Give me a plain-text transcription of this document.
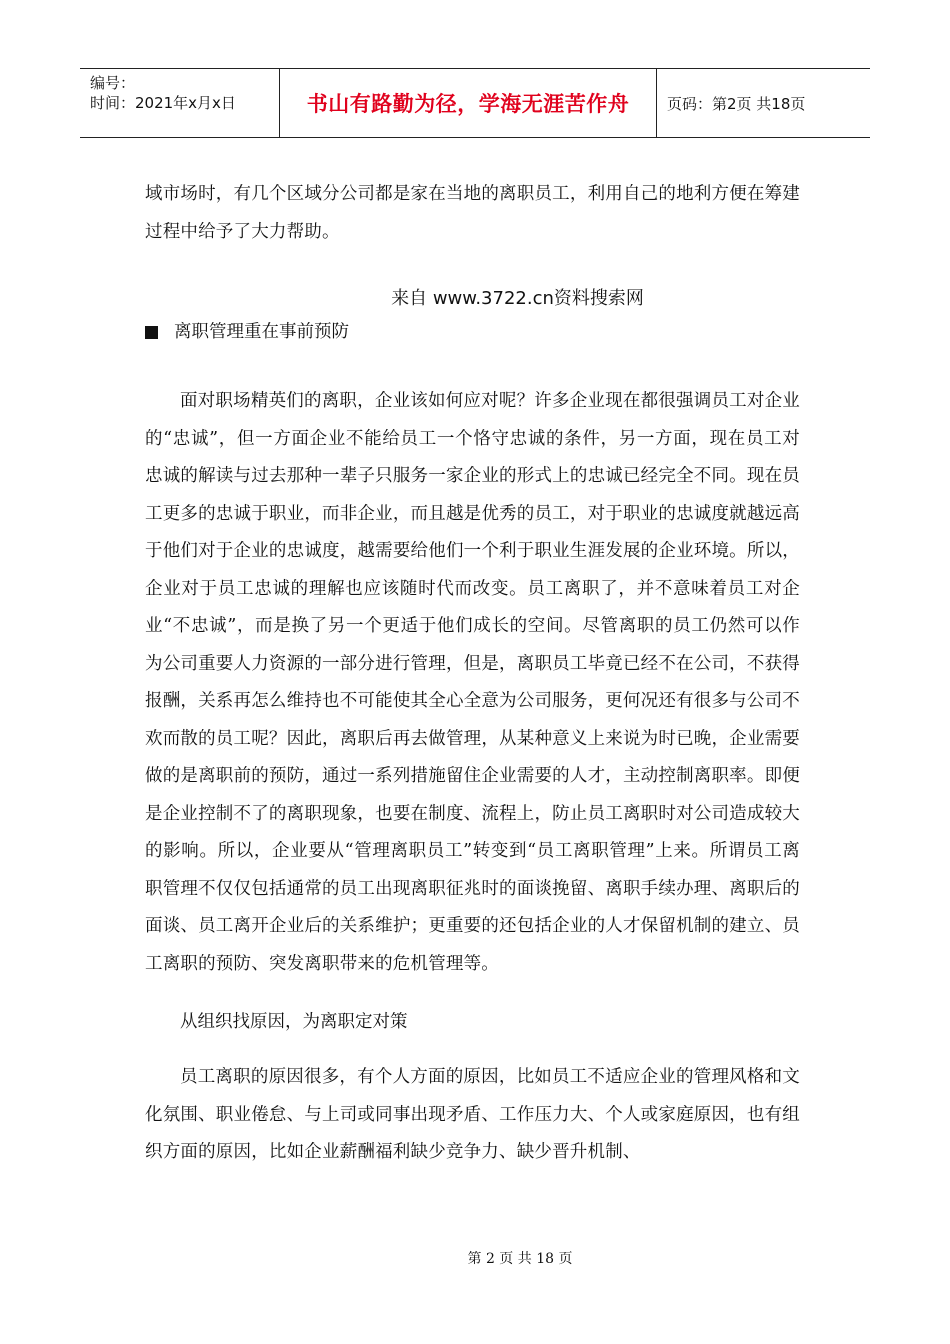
编号：
时间：2021年x月x日	书山有路勤为径，学海无涯苦作舟	页码：第2页 共18页

域市场时，有几个区域分公司都是家在当地的离职员工，利用自己的地利方便在筹建过程中给予了大力帮助。

来自 www.3722.cn资料搜索网
离职管理重在事前预防

面对职场精英们的离职，企业该如何应对呢？许多企业现在都很强调员工对企业的“忠诚”，但一方面企业不能给员工一个恪守忠诚的条件，另一方面，现在员工对忠诚的解读与过去那种一辈子只服务一家企业的形式上的忠诚已经完全不同。现在员工更多的忠诚于职业，而非企业，而且越是优秀的员工，对于职业的忠诚度就越远高于他们对于企业的忠诚度，越需要给他们一个利于职业生涯发展的企业环境。所以，企业对于员工忠诚的理解也应该随时代而改变。员工离职了，并不意味着员工对企业“不忠诚”，而是换了另一个更适于他们成长的空间。尽管离职的员工仍然可以作为公司重要人力资源的一部分进行管理，但是，离职员工毕竟已经不在公司，不获得报酬，关系再怎么维持也不可能使其全心全意为公司服务，更何况还有很多与公司不欢而散的员工呢？因此，离职后再去做管理，从某种意义上来说为时已晚，企业需要做的是离职前的预防，通过一系列措施留住企业需要的人才，主动控制离职率。即便是企业控制不了的离职现象，也要在制度、流程上，防止员工离职时对公司造成较大的影响。所以，企业要从“管理离职员工”转变到“员工离职管理”上来。所谓员工离职管理不仅仅包括通常的员工出现离职征兆时的面谈挽留、离职手续办理、离职后的面谈、员工离开企业后的关系维护；更重要的还包括企业的人才保留机制的建立、员工离职的预防、突发离职带来的危机管理等。

从组织找原因，为离职定对策

员工离职的原因很多，有个人方面的原因，比如员工不适应企业的管理风格和文化氛围、职业倦怠、与上司或同事出现矛盾、工作压力大、个人或家庭原因，也有组织方面的原因，比如企业薪酬福利缺少竞争力、缺少晋升机制、

第 2 页 共 18 页
